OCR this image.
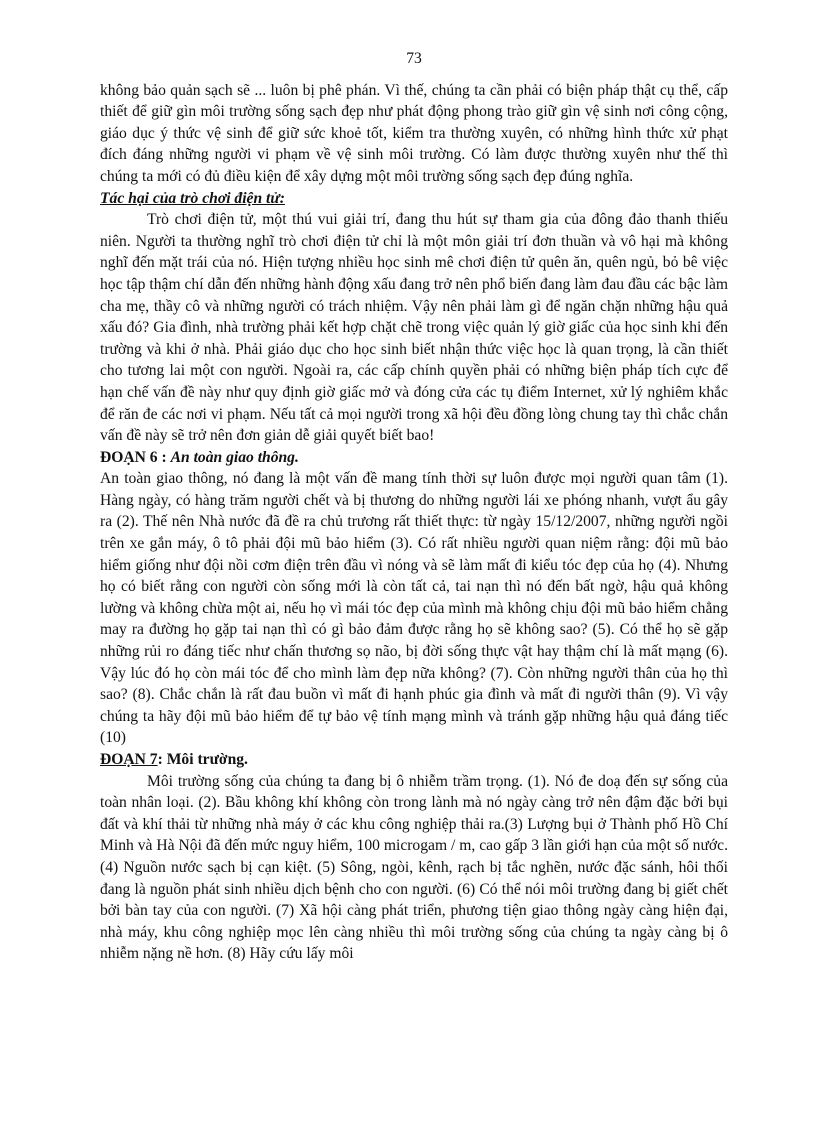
73

không bảo quản sạch sẽ ... luôn bị phê phán. Vì thế, chúng ta cần phải có biện pháp thật cụ thể, cấp thiết để giữ gìn môi trường sống sạch đẹp như phát động phong trào giữ gìn vệ sinh nơi công cộng, giáo dục ý thức vệ sinh để giữ sức khoẻ tốt, kiểm tra thường xuyên, có những hình thức xử phạt đích đáng những người vi phạm về vệ sinh môi trường. Có làm được thường xuyên như thế thì chúng ta mới có đủ điều kiện để xây dựng một môi trường sống sạch đẹp đúng nghĩa.

Tác hại của trò chơi điện tử:

Trò chơi điện tử, một thú vui giải trí, đang thu hút sự tham gia của đông đảo thanh thiếu niên. Người ta thường nghĩ trò chơi điện tử chỉ là một môn giải trí đơn thuần và vô hại mà không nghĩ đến mặt trái của nó. Hiện tượng nhiều học sinh mê chơi điện tử quên ăn, quên ngủ, bỏ bê việc học tập thậm chí dẫn đến những hành động xấu đang trở nên phổ biến đang làm đau đầu các bậc làm cha mẹ, thầy cô và những người có trách nhiệm. Vậy nên phải làm gì để ngăn chặn những hậu quả xấu đó? Gia đình, nhà trường phải kết hợp chặt chẽ trong việc quản lý giờ giấc của học sinh khi đến trường và khi ở nhà. Phải giáo dục cho học sinh biết nhận thức việc học là quan trọng, là cần thiết cho tương lai một con người. Ngoài ra, các cấp chính quyền phải có những biện pháp tích cực để hạn chế vấn đề này như quy định giờ giấc mở và đóng cửa các tụ điểm Internet, xử lý nghiêm khắc để răn đe các nơi vi phạm. Nếu tất cả mọi người trong xã hội đều đồng lòng chung tay thì chắc chắn vấn đề này sẽ trở nên đơn giản dễ giải quyết biết bao!

ĐOẠN 6 : An toàn giao thông.

An toàn giao thông, nó đang là một vấn đề mang tính thời sự luôn được mọi người quan tâm (1). Hàng ngày, có hàng trăm người chết và bị thương do những người lái xe phóng nhanh, vượt ẩu gây ra (2). Thế nên Nhà nước đã đề ra chủ trương rất thiết thực: từ ngày 15/12/2007, những người ngồi trên xe gắn máy, ô tô phải đội mũ bảo hiểm (3). Có rất nhiều người quan niệm rằng: đội mũ bảo hiểm giống như đội nồi cơm điện trên đầu vì nóng và sẽ làm mất đi kiểu tóc đẹp của họ (4). Nhưng họ có biết rằng con người còn sống mới là còn tất cả, tai nạn thì nó đến bất ngờ, hậu quả không lường và không chừa một ai, nếu họ vì mái tóc đẹp của mình mà không chịu đội mũ bảo hiểm chẳng may ra đường họ gặp tai nạn thì có gì bảo đảm được rằng họ sẽ không sao? (5). Có thể họ sẽ gặp những rủi ro đáng tiếc như chấn thương sọ não, bị đời sống thực vật hay thậm chí là mất mạng (6). Vậy lúc đó họ còn mái tóc để cho mình làm đẹp nữa không? (7). Còn những người thân của họ thì sao? (8). Chắc chắn là rất đau buồn vì mất đi hạnh phúc gia đình và mất đi người thân (9). Vì vậy chúng ta hãy đội mũ bảo hiểm để tự bảo vệ tính mạng mình và tránh gặp những hậu quả đáng tiếc (10)

ĐOẠN 7: Môi trường.

Môi trường sống của chúng ta đang bị ô nhiễm trầm trọng. (1). Nó đe doạ đến sự sống của toàn nhân loại. (2). Bầu không khí không còn trong lành mà nó ngày càng trở nên đậm đặc bởi bụi đất và khí thải từ những nhà máy ở các khu công nghiệp thải ra.(3) Lượng bụi ở Thành phố Hồ Chí Minh và Hà Nội đã đến mức nguy hiểm, 100 microgam / m, cao gấp 3 lần giới hạn của một số nước. (4) Nguồn nước sạch bị cạn kiệt. (5) Sông, ngòi, kênh, rạch bị tắc nghẽn, nước đặc sánh, hôi thối đang là nguồn phát sinh nhiều dịch bệnh cho con người. (6) Có thể nói môi trường đang bị giết chết bởi bàn tay của con người. (7) Xã hội càng phát triển, phương tiện giao thông ngày càng hiện đại, nhà máy, khu công nghiệp mọc lên càng nhiều thì môi trường sống của chúng ta ngày càng bị ô nhiễm nặng nề hơn. (8) Hãy cứu lấy môi
